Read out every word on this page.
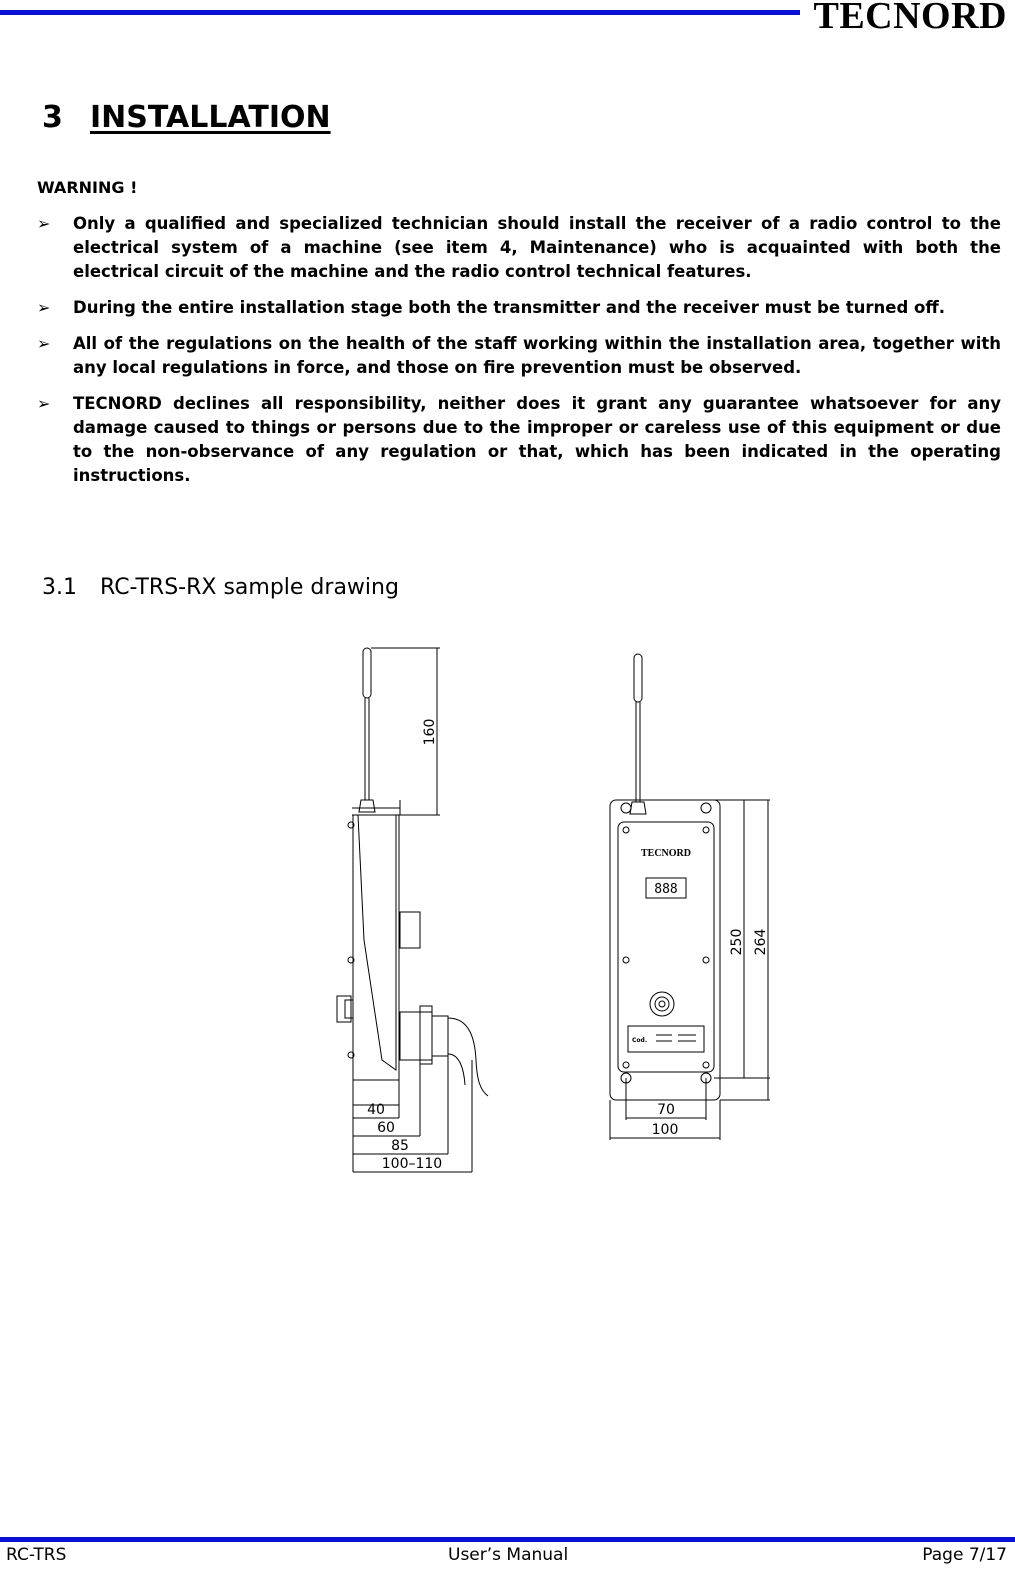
TECNORD
3 INSTALLATION
WARNING !
➢ Only a qualified and specialized technician should install the receiver of a radio control to the electrical system of a machine (see item 4, Maintenance) who is acquainted with both the electrical circuit of the machine and the radio control technical features.
➢ During the entire installation stage both the transmitter and the receiver must be turned off.
➢ All of the regulations on the health of the staff working within the installation area, together with any local regulations in force, and those on fire prevention must be observed.
➢ TECNORD declines all responsibility, neither does it grant any guarantee whatsoever for any damage caused to things or persons due to the improper or careless use of this equipment or due to the non-observance of any regulation or that, which has been indicated in the operating instructions.
3.1 RC-TRS-RX sample drawing
160
40
60
85
100–110
250 264
70
100
TECNORD
888
Cod.
RC-TRS	User’s Manual	Page 7/17
